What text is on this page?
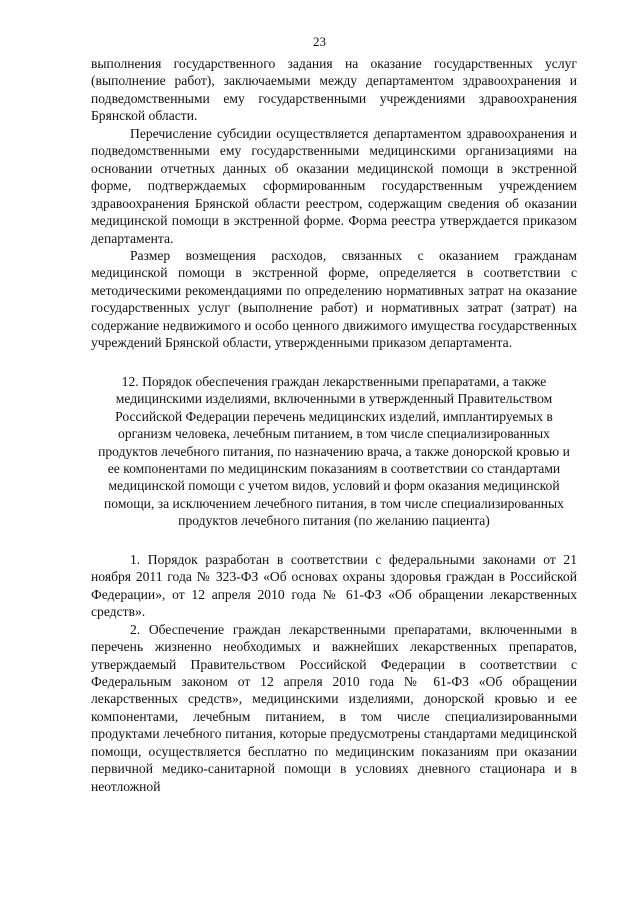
23

выполнения государственного задания на оказание государственных услуг (выполнение работ), заключаемыми между департаментом здравоохранения и подведомственными ему государственными учреждениями здравоохранения Брянской области.

Перечисление субсидии осуществляется департаментом здравоохранения и подведомственными ему государственными медицинскими организациями на основании отчетных данных об оказании медицинской помощи в экстренной форме, подтверждаемых сформированным государственным учреждением здравоохранения Брянской области реестром, содержащим сведения об оказании медицинской помощи в экстренной форме. Форма реестра утверждается приказом департамента.

Размер возмещения расходов, связанных с оказанием гражданам медицинской помощи в экстренной форме, определяется в соответствии с методическими рекомендациями по определению нормативных затрат на оказание государственных услуг (выполнение работ) и нормативных затрат (затрат) на содержание недвижимого и особо ценного движимого имущества государственных учреждений Брянской области, утвержденными приказом департамента.

12. Порядок обеспечения граждан лекарственными препаратами, а также медицинскими изделиями, включенными в утвержденный Правительством Российской Федерации перечень медицинских изделий, имплантируемых в организм человека, лечебным питанием, в том числе специализированных продуктов лечебного питания, по назначению врача, а также донорской кровью и ее компонентами по медицинским показаниям в соответствии со стандартами медицинской помощи с учетом видов, условий и форм оказания медицинской помощи, за исключением лечебного питания, в том числе специализированных продуктов лечебного питания (по желанию пациента)

1. Порядок разработан в соответствии с федеральными законами от 21 ноября 2011 года № 323-ФЗ «Об основах охраны здоровья граждан в Российской Федерации», от 12 апреля 2010 года № 61-ФЗ «Об обращении лекарственных средств».

2. Обеспечение граждан лекарственными препаратами, включенными в перечень жизненно необходимых и важнейших лекарственных препаратов, утверждаемый Правительством Российской Федерации в соответствии с Федеральным законом от 12 апреля 2010 года № 61-ФЗ «Об обращении лекарственных средств», медицинскими изделиями, донорской кровью и ее компонентами, лечебным питанием, в том числе специализированными продуктами лечебного питания, которые предусмотрены стандартами медицинской помощи, осуществляется бесплатно по медицинским показаниям при оказании первичной медико-санитарной помощи в условиях дневного стационара и в неотложной
